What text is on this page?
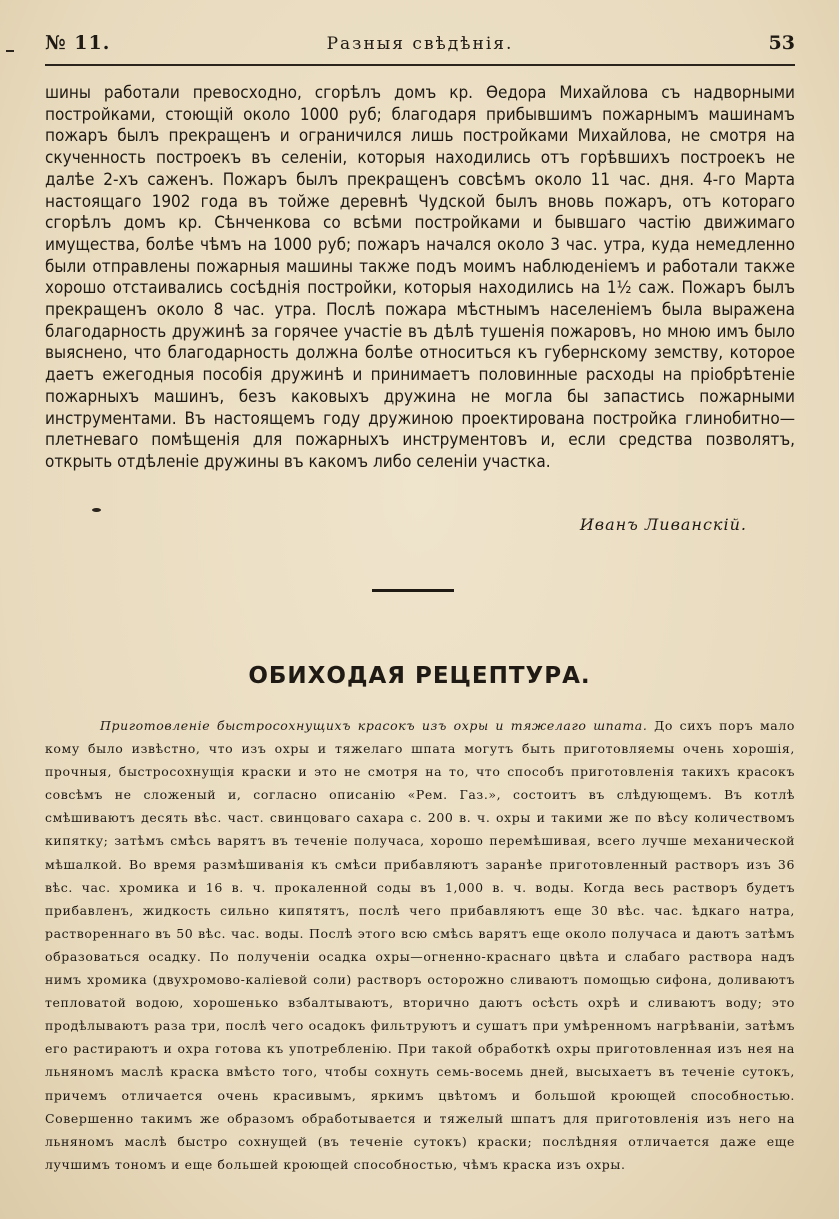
№ 11.	Разныя свѣдѣнія.	53

шины работали превосходно, сгорѣлъ домъ кр. Өедора Михайлова съ надворными постройками, стоющій около 1000 руб; благодаря прибывшимъ пожарнымъ машинамъ пожаръ былъ прекращенъ и ограничился лишь постройками Михайлова, не смотря на скученность построекъ въ селеніи, которыя находились отъ горѣвшихъ построекъ не далѣе 2-хъ саженъ. Пожаръ былъ прекращенъ совсѣмъ около 11 час. дня. 4-го Марта настоящаго 1902 года въ тойже деревнѣ Чудской былъ вновь пожаръ, отъ котораго сгорѣлъ домъ кр. Сѣнченкова со всѣми постройками и бывшаго частію движимаго имущества, болѣе чѣмъ на 1000 руб; пожаръ начался около 3 час. утра, куда немедленно были отправлены пожарныя машины также подъ моимъ наблюденіемъ и работали также хорошо отстаивались сосѣднія постройки, которыя находились на 1½ саж. Пожаръ былъ прекращенъ около 8 час. утра. Послѣ пожара мѣстнымъ населеніемъ была выражена благодарность дружинѣ за горячее участіе въ дѣлѣ тушенія пожаровъ, но мною имъ было выяснено, что благодарность должна болѣе относиться къ губернскому земству, которое даетъ ежегодныя пособія дружинѣ и принимаетъ половинные расходы на пріобрѣтеніе пожарныхъ машинъ, безъ каковыхъ дружина не могла бы запастись пожарными инструментами. Въ настоящемъ году дружиною проектирована постройка глинобитно—плетневаго помѣщенія для пожарныхъ инструментовъ и, если средства позволятъ, открыть отдѣленіе дружины въ какомъ либо селеніи участка.

Иванъ Ливанскій.
ОБИХОДАЯ РЕЦЕПТУРА.

Приготовленіе быстросохнущихъ красокъ изъ охры и тяжелаго шпата. До сихъ поръ мало кому было извѣстно, что изъ охры и тяжелаго шпата могутъ быть приготовляемы очень хорошія, прочныя, быстросохнущія краски и это не смотря на то, что способъ приготовленія такихъ красокъ совсѣмъ не сложеный и, согласно описанію «Рем. Газ.», состоитъ въ слѣдующемъ. Въ котлѣ смѣшиваютъ десять вѣс. част. свинцоваго сахара с. 200 в. ч. охры и такими же по вѣсу количествомъ кипятку; затѣмъ смѣсь варятъ въ теченіе получаса, хорошо перемѣшивая, всего лучше механической мѣшалкой. Во время размѣшиванія къ смѣси прибавляютъ заранѣе приготовленный растворъ изъ 36 вѣс. час. хромика и 16 в. ч. прокаленной соды въ 1,000 в. ч. воды. Когда весь растворъ будетъ прибавленъ, жидкость сильно кипятятъ, послѣ чего прибавляютъ еще 30 вѣс. час. ѣдкаго натра, раствореннаго въ 50 вѣс. час. воды. Послѣ этого всю смѣсь варятъ еще около получаса и даютъ затѣмъ образоваться осадку. По полученіи осадка охры—огненно-краснаго цвѣта и слабаго раствора надъ нимъ хромика (двухромово-каліевой соли) растворъ осторожно сливаютъ помощью сифона, доливаютъ тепловатой водою, хорошенько взбалтываютъ, вторично даютъ осѣсть охрѣ и сливаютъ воду; это продѣлываютъ раза три, послѣ чего осадокъ фильтруютъ и сушатъ при умѣренномъ нагрѣваніи, затѣмъ его растираютъ и охра готова къ употребленію. При такой обработкѣ охры приготовленная изъ нея на льняномъ маслѣ краска вмѣсто того, чтобы сохнуть семь-восемь дней, высыхаетъ въ теченіе сутокъ, причемъ отличается очень красивымъ, яркимъ цвѣтомъ и большой кроющей способностью. Совершенно такимъ же образомъ обработывается и тяжелый шпатъ для приготовленія изъ него на льняномъ маслѣ быстро сохнущей (въ теченіе сутокъ) краски; послѣдняя отличается даже еще лучшимъ тономъ и еще большей кроющей способностью, чѣмъ краска изъ охры.
